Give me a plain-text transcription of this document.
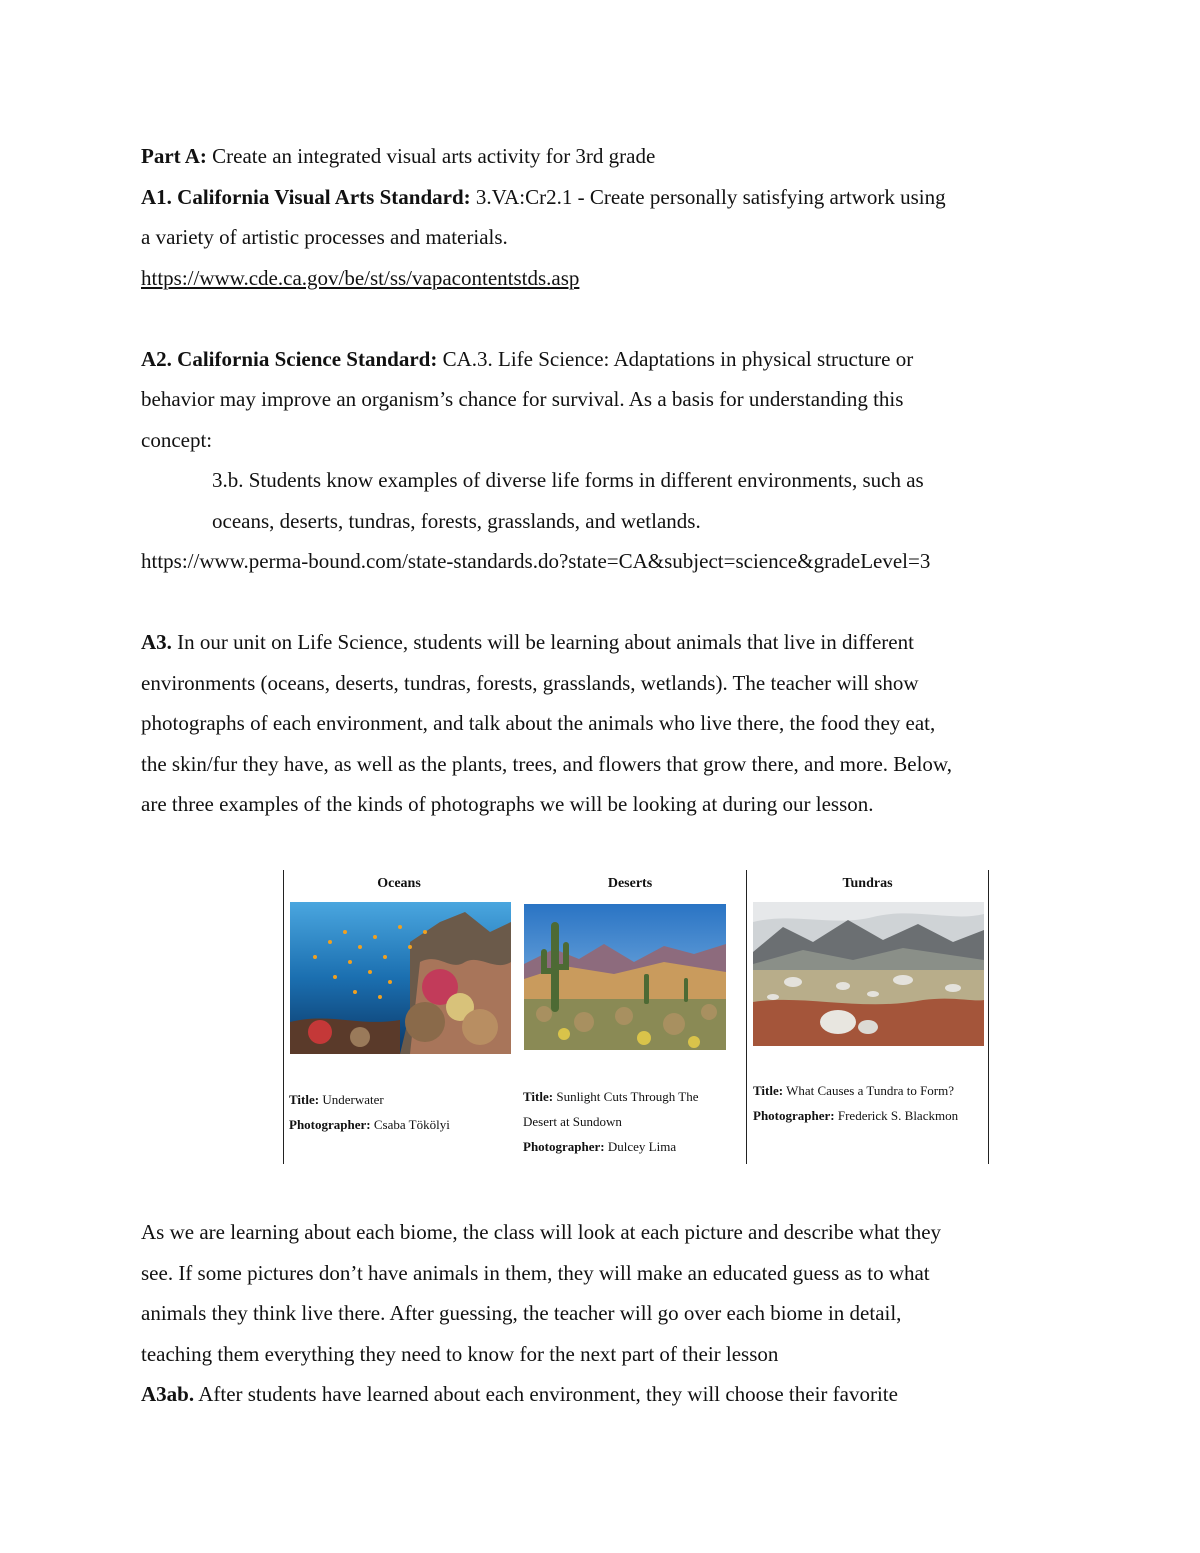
Part A: Create an integrated visual arts activity for 3rd grade
A1. California Visual Arts Standard: 3.VA:Cr2.1 - Create personally satisfying artwork using
a variety of artistic processes and materials.
https://www.cde.ca.gov/be/st/ss/vapacontentstds.asp
A2. California Science Standard: CA.3. Life Science: Adaptations in physical structure or
behavior may improve an organism’s chance for survival. As a basis for understanding this
concept:
3.b. Students know examples of diverse life forms in different environments, such as
oceans, deserts, tundras, forests, grasslands, and wetlands.
https://www.perma-bound.com/state-standards.do?state=CA&subject=science&gradeLevel=3
A3. In our unit on Life Science, students will be learning about animals that live in different
environments (oceans, deserts, tundras, forests, grasslands, wetlands). The teacher will show
photographs of each environment, and talk about the animals who live there, the food they eat,
the skin/fur they have, as well as the plants, trees, and flowers that grow there, and more. Below,
are three examples of the kinds of photographs we will be looking at during our lesson.
Oceans
Title: Underwater
Photographer: Csaba Tökölyi
Deserts
Title: Sunlight Cuts Through The
Desert at Sundown
Photographer: Dulcey Lima
Tundras
Title: What Causes a Tundra to Form?
Photographer: Frederick S. Blackmon
As we are learning about each biome, the class will look at each picture and describe what they
see. If some pictures don’t have animals in them, they will make an educated guess as to what
animals they think live there. After guessing, the teacher will go over each biome in detail,
teaching them everything they need to know for the next part of their lesson
A3ab. After students have learned about each environment, they will choose their favorite
